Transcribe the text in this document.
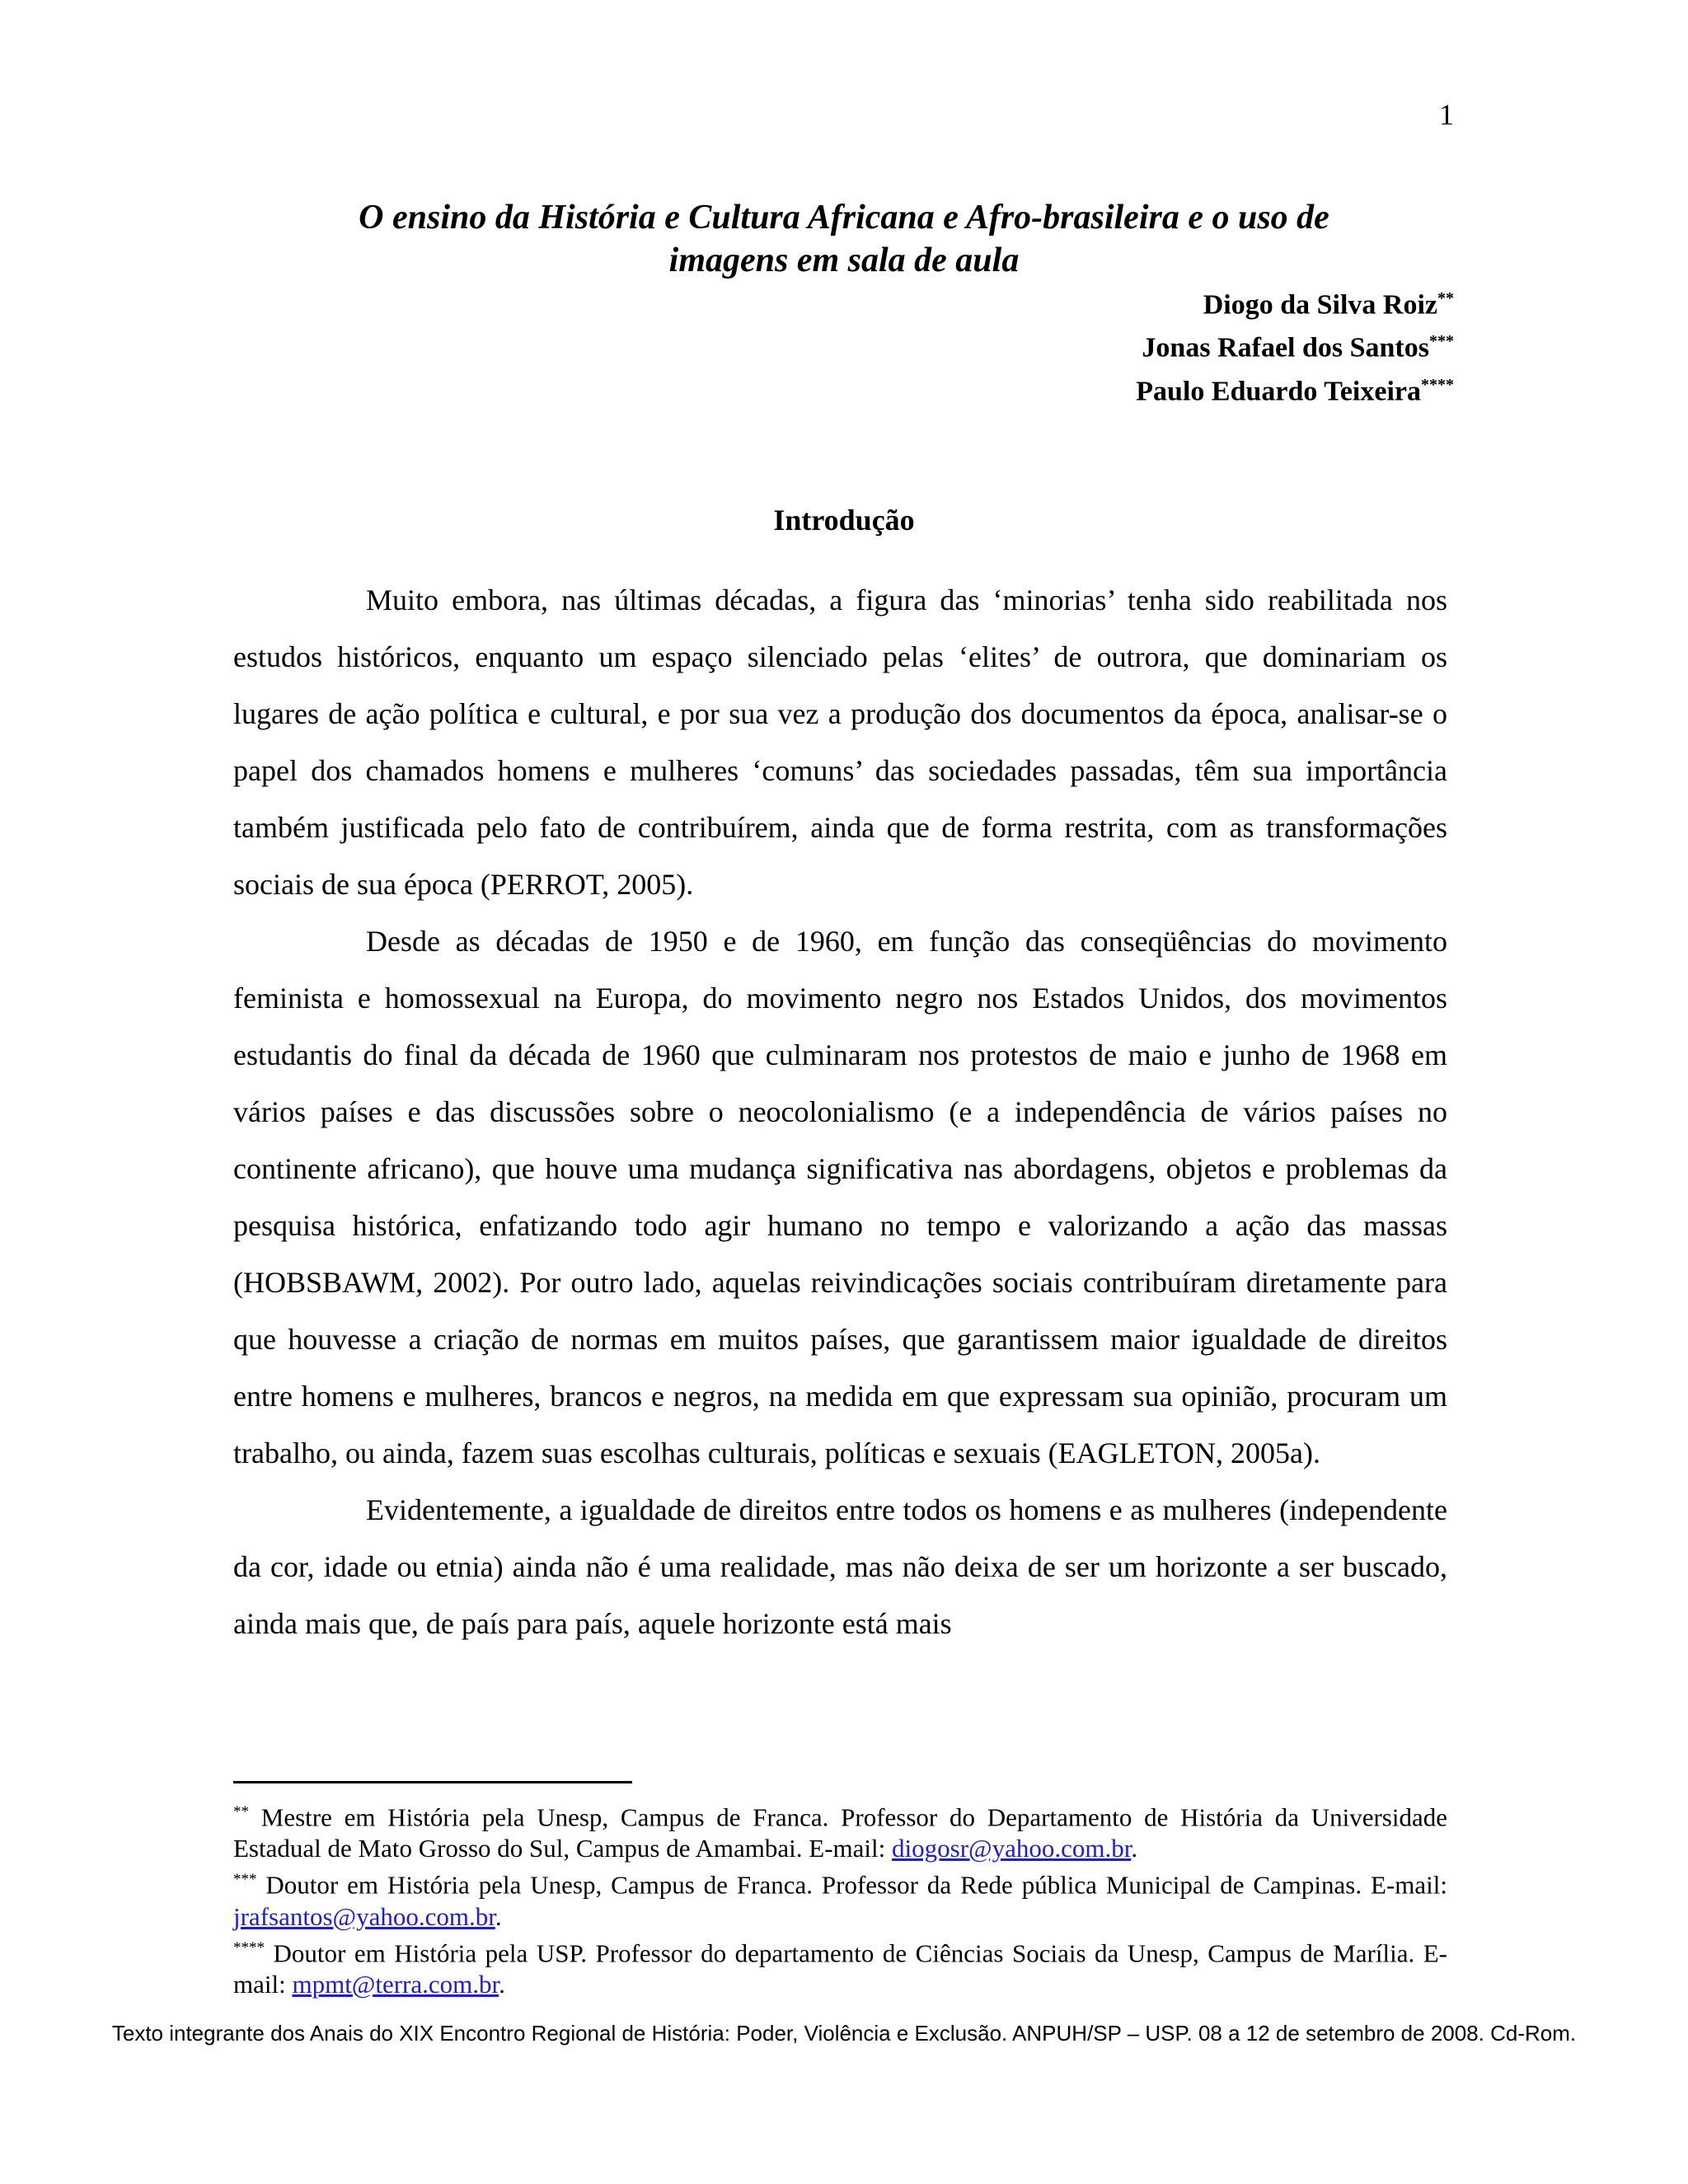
1
O ensino da História e Cultura Africana e Afro-brasileira e o uso de
imagens em sala de aula
Diogo da Silva Roiz**
Jonas Rafael dos Santos***
Paulo Eduardo Teixeira****
Introdução

Muito embora, nas últimas décadas, a figura das ‘minorias’ tenha sido reabilitada nos estudos históricos, enquanto um espaço silenciado pelas ‘elites’ de outrora, que dominariam os lugares de ação política e cultural, e por sua vez a produção dos documentos da época, analisar-se o papel dos chamados homens e mulheres ‘comuns’ das sociedades passadas, têm sua importância também justificada pelo fato de contribuírem, ainda que de forma restrita, com as transformações sociais de sua época (PERROT, 2005).

Desde as décadas de 1950 e de 1960, em função das conseqüências do movimento feminista e homossexual na Europa, do movimento negro nos Estados Unidos, dos movimentos estudantis do final da década de 1960 que culminaram nos protestos de maio e junho de 1968 em vários países e das discussões sobre o neocolonialismo (e a independência de vários países no continente africano), que houve uma mudança significativa nas abordagens, objetos e problemas da pesquisa histórica, enfatizando todo agir humano no tempo e valorizando a ação das massas (HOBSBAWM, 2002). Por outro lado, aquelas reivindicações sociais contribuíram diretamente para que houvesse a criação de normas em muitos países, que garantissem maior igualdade de direitos entre homens e mulheres, brancos e negros, na medida em que expressam sua opinião, procuram um trabalho, ou ainda, fazem suas escolhas culturais, políticas e sexuais (EAGLETON, 2005a).

Evidentemente, a igualdade de direitos entre todos os homens e as mulheres (independente da cor, idade ou etnia) ainda não é uma realidade, mas não deixa de ser um horizonte a ser buscado, ainda mais que, de país para país, aquele horizonte está mais

** Mestre em História pela Unesp, Campus de Franca. Professor do Departamento de História da Universidade Estadual de Mato Grosso do Sul, Campus de Amambai. E-mail: diogosr@yahoo.com.br.

*** Doutor em História pela Unesp, Campus de Franca. Professor da Rede pública Municipal de Campinas. E-mail: jrafsantos@yahoo.com.br.

**** Doutor em História pela USP. Professor do departamento de Ciências Sociais da Unesp, Campus de Marília. E-mail: mpmt@terra.com.br.

Texto integrante dos Anais do XIX Encontro Regional de História: Poder, Violência e Exclusão. ANPUH/SP – USP. 08 a 12 de setembro de 2008. Cd-Rom.
